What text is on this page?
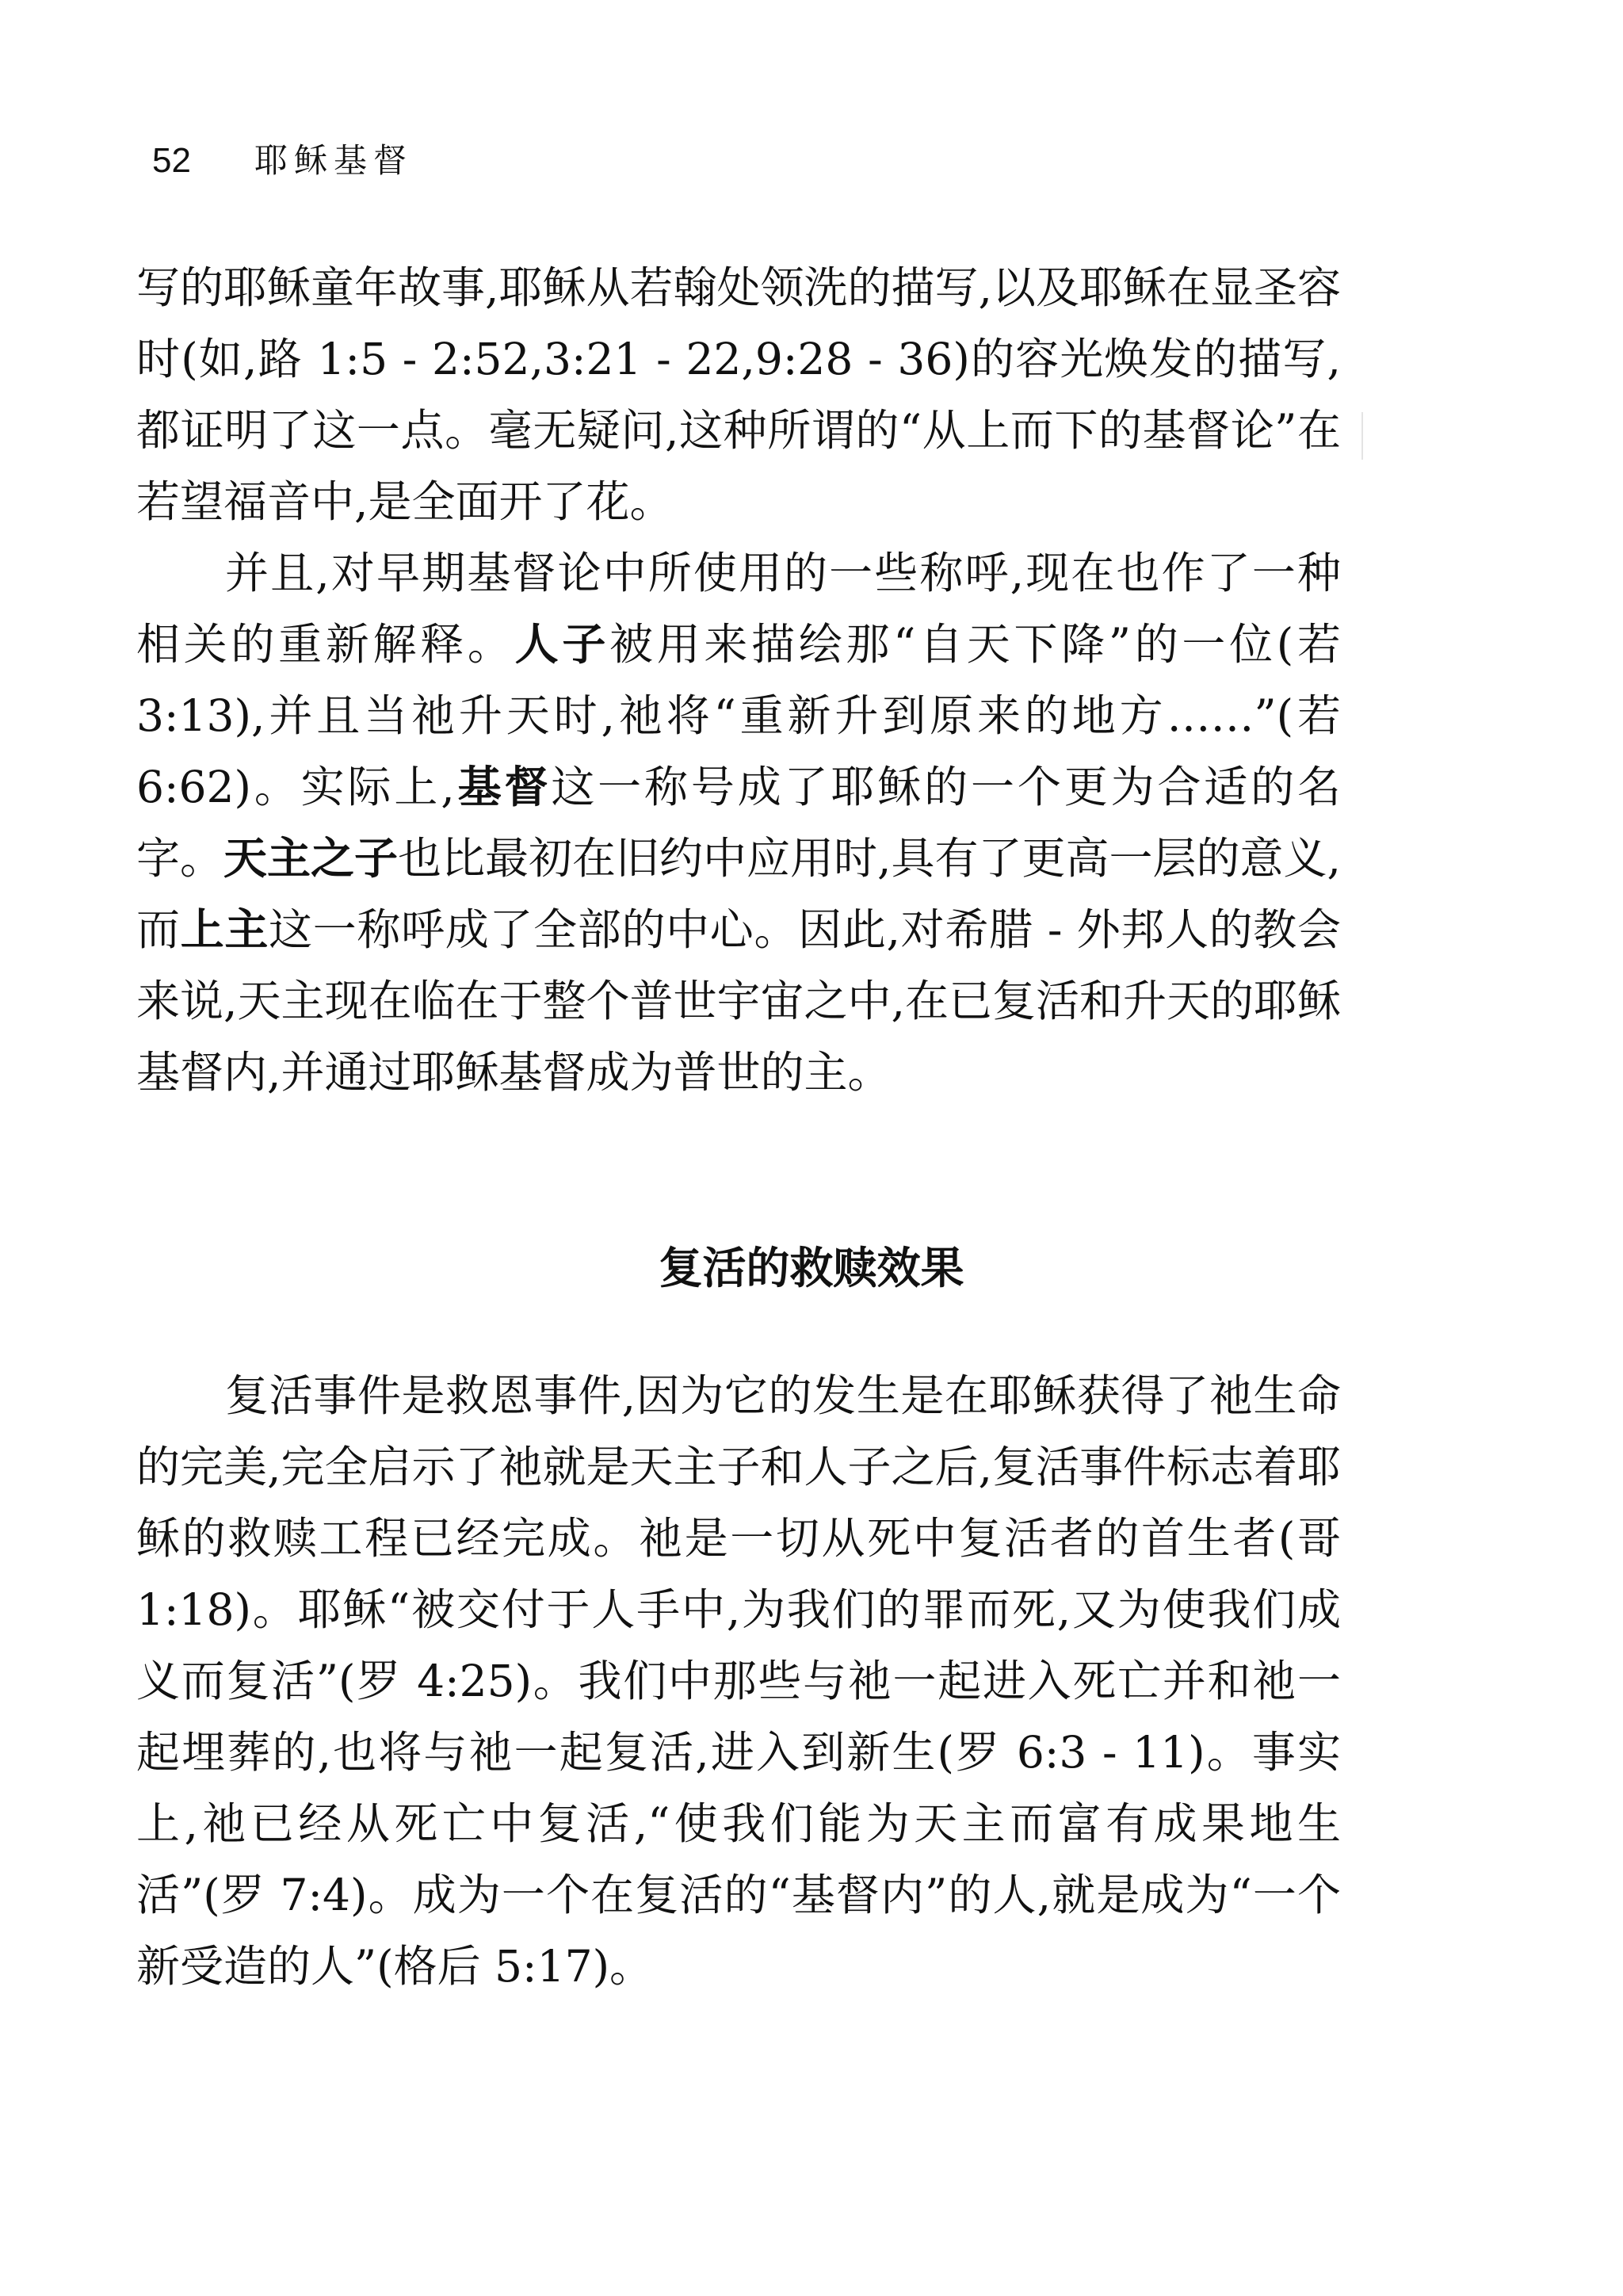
52 耶稣基督

写的耶稣童年故事,耶稣从若翰处领洗的描写,以及耶稣在显圣容时(如,路 1:5 - 2:52,3:21 - 22,9:28 - 36)的容光焕发的描写,都证明了这一点。毫无疑问,这种所谓的“从上而下的基督论”在若望福音中,是全面开了花。

并且,对早期基督论中所使用的一些称呼,现在也作了一种相关的重新解释。人子被用来描绘那“自天下降”的一位(若 3:13),并且当祂升天时,祂将“重新升到原来的地方……”(若 6:62)。实际上,基督这一称号成了耶稣的一个更为合适的名字。天主之子也比最初在旧约中应用时,具有了更高一层的意义,而上主这一称呼成了全部的中心。因此,对希腊 - 外邦人的教会来说,天主现在临在于整个普世宇宙之中,在已复活和升天的耶稣基督内,并通过耶稣基督成为普世的主。

复活的救赎效果

复活事件是救恩事件,因为它的发生是在耶稣获得了祂生命的完美,完全启示了祂就是天主子和人子之后,复活事件标志着耶稣的救赎工程已经完成。祂是一切从死中复活者的首生者(哥 1:18)。耶稣“被交付于人手中,为我们的罪而死,又为使我们成义而复活”(罗 4:25)。我们中那些与祂一起进入死亡并和祂一起埋葬的,也将与祂一起复活,进入到新生(罗 6:3 - 11)。事实上,祂已经从死亡中复活,“使我们能为天主而富有成果地生活”(罗 7:4)。成为一个在复活的“基督内”的人,就是成为“一个新受造的人”(格后 5:17)。
